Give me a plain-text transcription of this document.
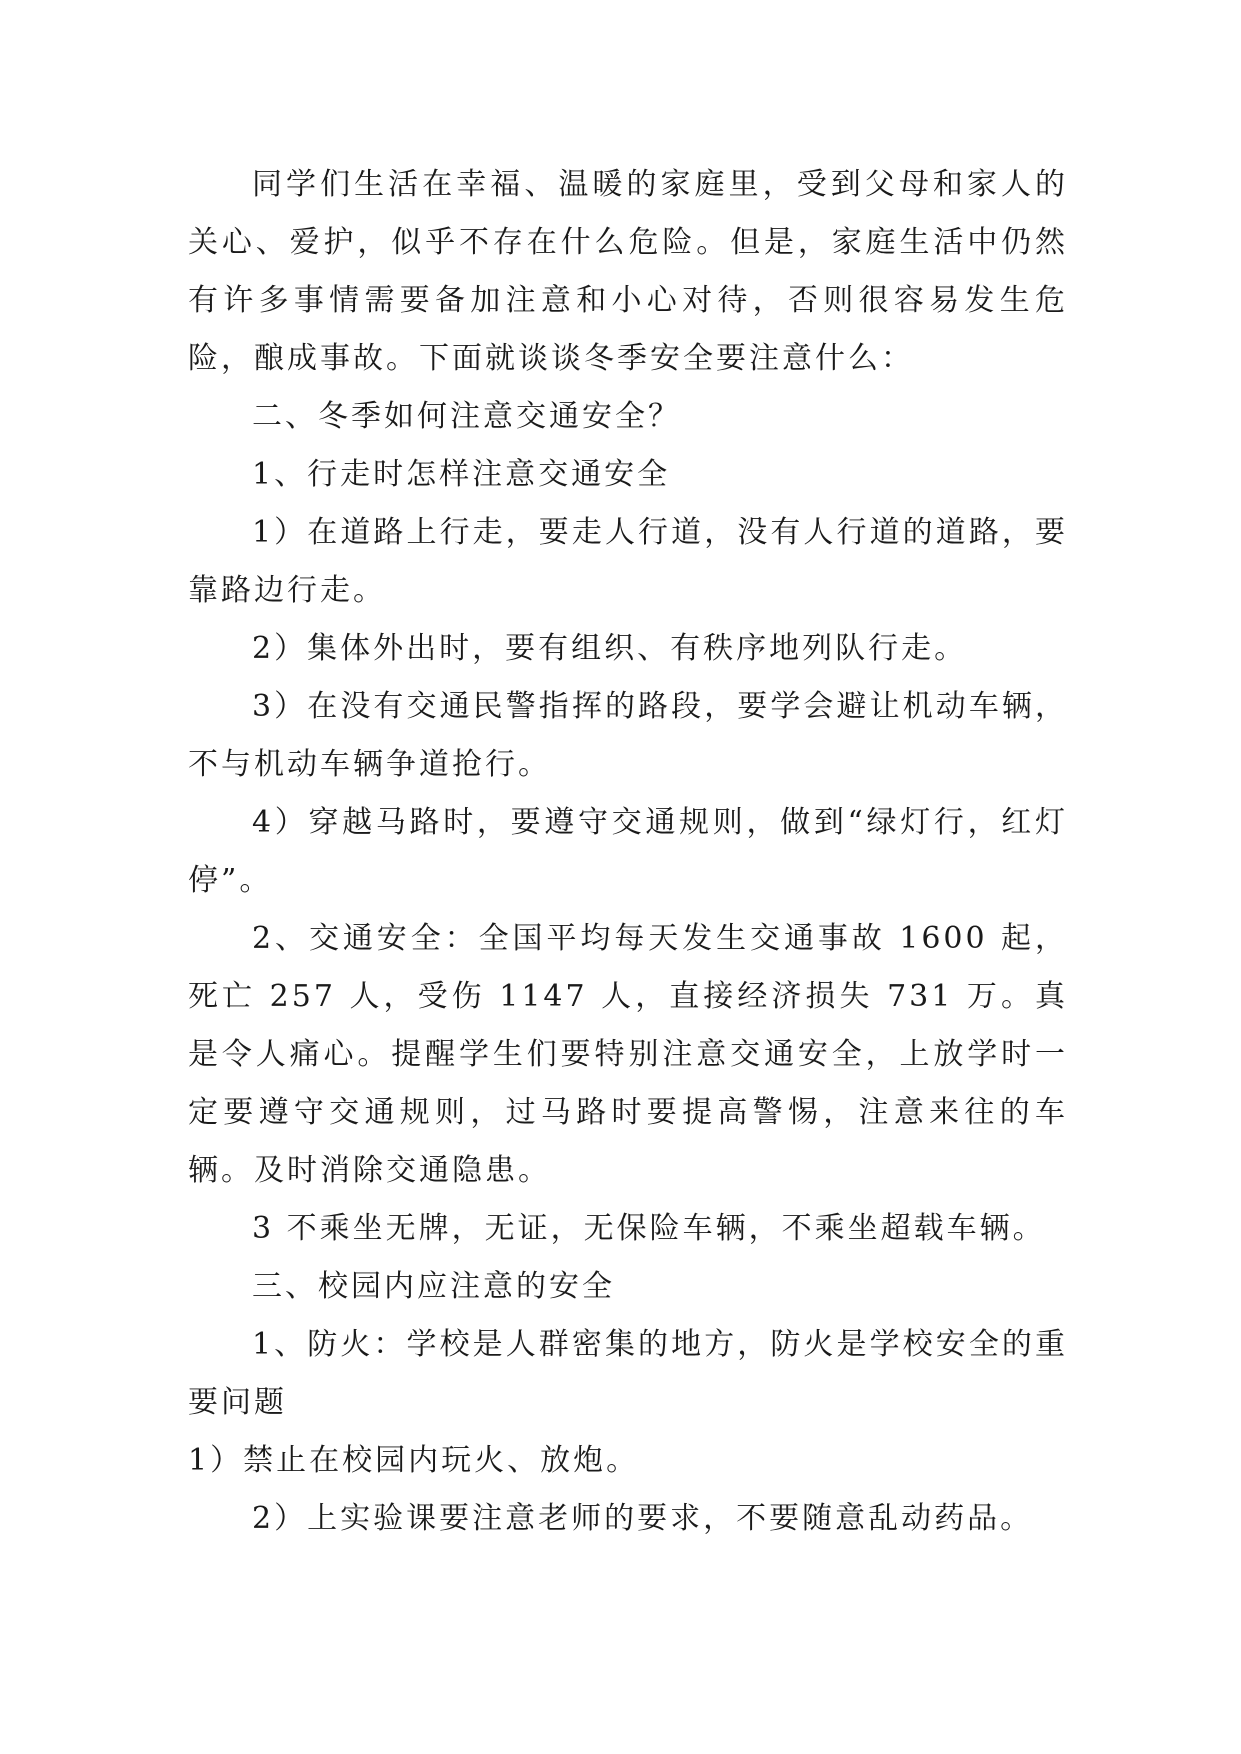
同学们生活在幸福、温暖的家庭里，受到父母和家人的关心、爱护，似乎不存在什么危险。但是，家庭生活中仍然有许多事情需要备加注意和小心对待，否则很容易发生危险，酿成事故。下面就谈谈冬季安全要注意什么：

二、冬季如何注意交通安全？

1、行走时怎样注意交通安全

1）在道路上行走，要走人行道，没有人行道的道路，要靠路边行走。

2）集体外出时，要有组织、有秩序地列队行走。

3）在没有交通民警指挥的路段，要学会避让机动车辆，不与机动车辆争道抢行。

4）穿越马路时，要遵守交通规则，做到“绿灯行，红灯停”。

2、交通安全：全国平均每天发生交通事故 1600 起，死亡 257 人，受伤 1147 人，直接经济损失 731 万。真是令人痛心。提醒学生们要特别注意交通安全，上放学时一定要遵守交通规则，过马路时要提高警惕，注意来往的车辆。及时消除交通隐患。

3 不乘坐无牌，无证，无保险车辆，不乘坐超载车辆。

三、校园内应注意的安全

1、防火：学校是人群密集的地方，防火是学校安全的重要问题

1）禁止在校园内玩火、放炮。

2）上实验课要注意老师的要求，不要随意乱动药品。
